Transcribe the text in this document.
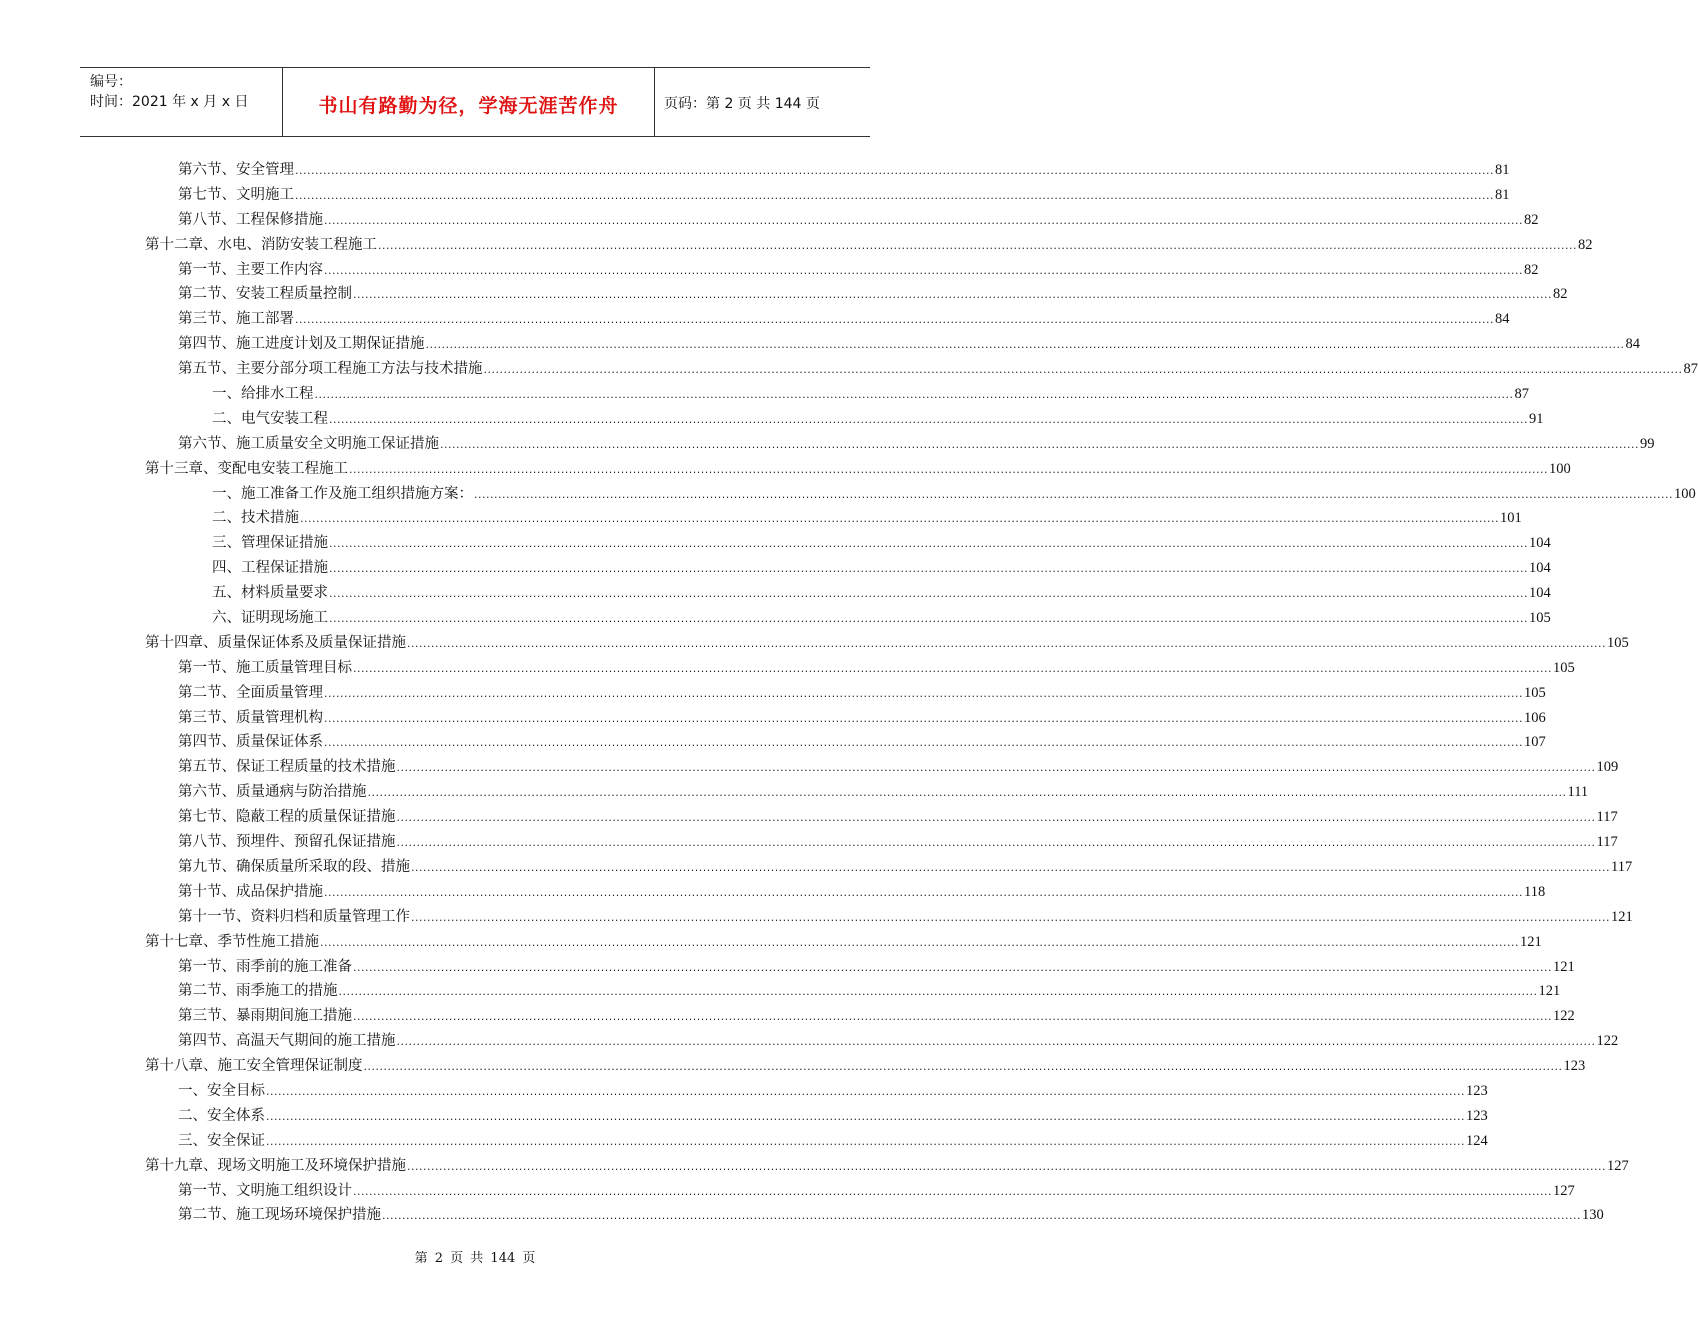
编号：
时间：2021 年 x 月 x 日	书山有路勤为径，学海无涯苦作舟	页码：第 2 页 共 144 页
第六节、 安全管理 ............................................................................................................................................................................................................................................................................................................ 81
第七节、 文明施工 ............................................................................................................................................................................................................................................................................................................ 81
第八节、 工程保修措施 ............................................................................................................................................................................................................................................................................................................ 82
第十二章、水电、消防安装工程施工 ............................................................................................................................................................................................................................................................................................................ 82
第一节、主要工作内容 ............................................................................................................................................................................................................................................................................................................ 82
第二节、安装工程质量控制 ............................................................................................................................................................................................................................................................................................................ 82
第三节、施工部署 ............................................................................................................................................................................................................................................................................................................ 84
第四节、 施工进度计划及工期保证措施 ............................................................................................................................................................................................................................................................................................................ 84
第五节、 主要分部分项工程施工方法与技术措施 ............................................................................................................................................................................................................................................................................................................ 87
一、 给排水工程 ............................................................................................................................................................................................................................................................................................................ 87
二、电气安装工程 ............................................................................................................................................................................................................................................................................................................ 91
第六节、 施工质量安全文明施工保证措施 ............................................................................................................................................................................................................................................................................................................ 99
第十三章、变配电安装工程施工 ............................................................................................................................................................................................................................................................................................................ 100
一、 施工准备工作及施工组织措施方案： ............................................................................................................................................................................................................................................................................................................ 100
二、技术措施 ............................................................................................................................................................................................................................................................................................................ 101
三、管理保证措施 ............................................................................................................................................................................................................................................................................................................ 104
四、工程保证措施 ............................................................................................................................................................................................................................................................................................................ 104
五、材料质量要求 ............................................................................................................................................................................................................................................................................................................ 104
六、证明现场施工 ............................................................................................................................................................................................................................................................................................................ 105
第十四章、质量保证体系及质量保证措施 ............................................................................................................................................................................................................................................................................................................ 105
第一节、 施工质量管理目标 ............................................................................................................................................................................................................................................................................................................ 105
第二节、 全面质量管理 ............................................................................................................................................................................................................................................................................................................ 105
第三节、 质量管理机构 ............................................................................................................................................................................................................................................................................................................ 106
第四节、 质量保证体系 ............................................................................................................................................................................................................................................................................................................ 107
第五节、保证工程质量的技术措施 ............................................................................................................................................................................................................................................................................................................ 109
第六节、质量通病与防治措施 ............................................................................................................................................................................................................................................................................................................ 111
第七节、隐蔽工程的质量保证措施 ............................................................................................................................................................................................................................................................................................................ 117
第八节、预埋件、预留孔保证措施 ............................................................................................................................................................................................................................................................................................................ 117
第九节、确保质量所采取的段、措施 ............................................................................................................................................................................................................................................................................................................ 117
第十节、成品保护措施 ............................................................................................................................................................................................................................................................................................................ 118
第十一节、资料归档和质量管理工作 ............................................................................................................................................................................................................................................................................................................ 121
第十七章、季节性施工措施 ............................................................................................................................................................................................................................................................................................................ 121
第一节、雨季前的施工准备 ............................................................................................................................................................................................................................................................................................................ 121
第二节、雨季施工的措施 ............................................................................................................................................................................................................................................................................................................ 121
第三节、暴雨期间施工措施 ............................................................................................................................................................................................................................................................................................................ 122
第四节、高温天气期间的施工措施 ............................................................................................................................................................................................................................................................................................................ 122
第十八章、施工安全管理保证制度 ............................................................................................................................................................................................................................................................................................................ 123
一、安全目标 ............................................................................................................................................................................................................................................................................................................ 123
二、安全体系 ............................................................................................................................................................................................................................................................................................................ 123
三、安全保证 ............................................................................................................................................................................................................................................................................................................ 124
第十九章、现场文明施工及环境保护措施 ............................................................................................................................................................................................................................................................................................................ 127
第一节、文明施工组织设计 ............................................................................................................................................................................................................................................................................................................ 127
第二节、施工现场环境保护措施 ............................................................................................................................................................................................................................................................................................................ 130
第 2 页 共 144 页
